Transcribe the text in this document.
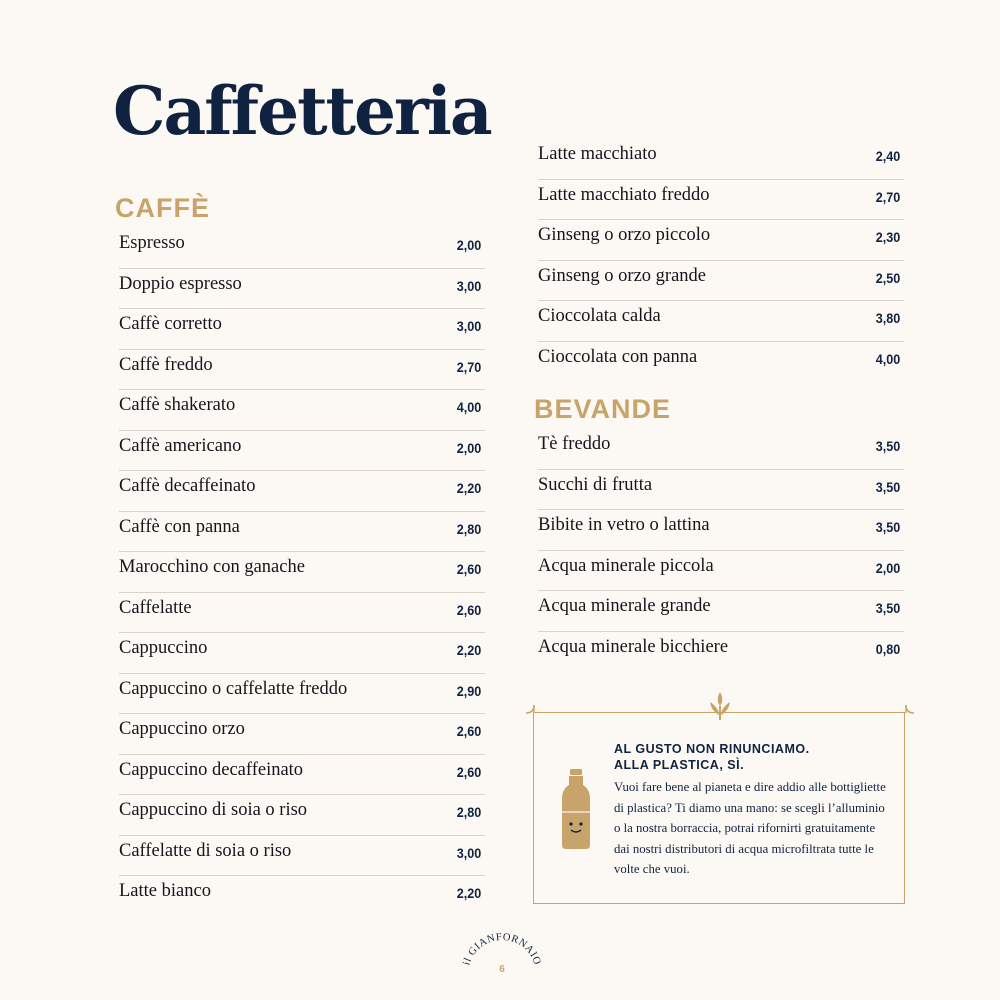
Caffetteria
CAFFÈ
Espresso	2,00
Doppio espresso	3,00
Caffè corretto	3,00
Caffè freddo	2,70
Caffè shakerato	4,00
Caffè americano	2,00
Caffè decaffeinato	2,20
Caffè con panna	2,80
Marocchino con ganache	2,60
Caffelatte	2,60
Cappuccino	2,20
Cappuccino o caffelatte freddo	2,90
Cappuccino orzo	2,60
Cappuccino decaffeinato	2,60
Cappuccino di soia o riso	2,80
Caffelatte di soia o riso	3,00
Latte bianco	2,20
Latte macchiato	2,40
Latte macchiato freddo	2,70
Ginseng o orzo piccolo	2,30
Ginseng o orzo grande	2,50
Cioccolata calda	3,80
Cioccolata con panna	4,00
BEVANDE
Tè freddo	3,50
Succhi di frutta	3,50
Bibite in vetro o lattina	3,50
Acqua minerale piccola	2,00
Acqua minerale grande	3,50
Acqua minerale bicchiere	0,80
AL GUSTO NON RINUNCIAMO.
ALLA PLASTICA, SÌ.
Vuoi fare bene al pianeta e dire addio alle bottigliette di plastica? Ti diamo una mano: se scegli l’alluminio o la nostra borraccia, potrai rifornirti gratuitamente dai nostri distributori di acqua microfiltrata tutte le volte che vuoi.
il GIANFORNAIO
6
